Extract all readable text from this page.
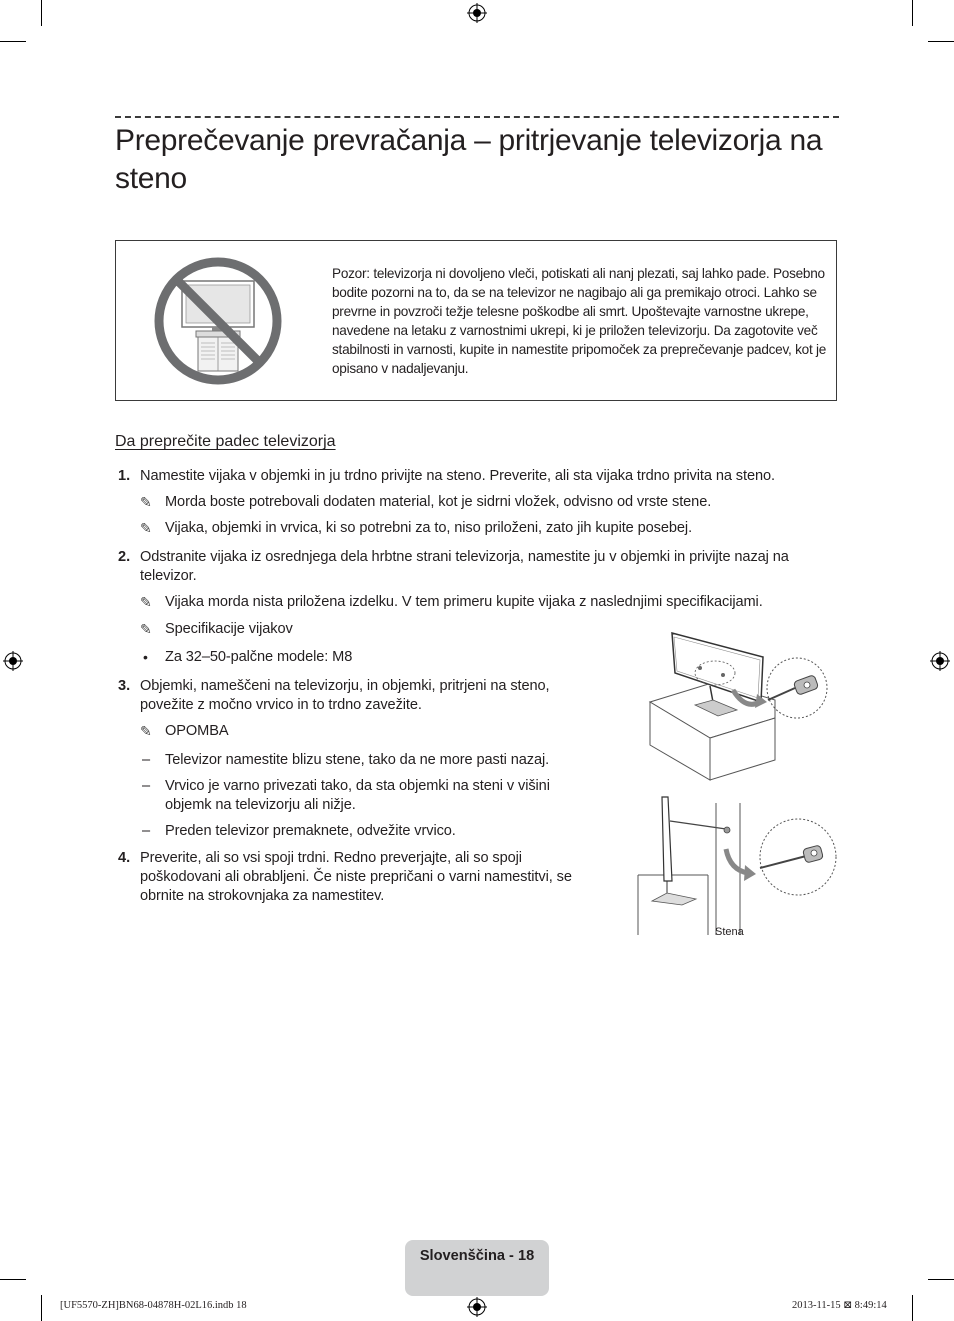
Preprečevanje prevračanja – pritrjevanje televizorja na steno
Pozor: televizorja ni dovoljeno vleči, potiskati ali nanj plezati, saj lahko pade. Posebno bodite pozorni na to, da se na televizor ne nagibajo ali ga premikajo otroci. Lahko se prevrne in povzroči težje telesne poškodbe ali smrt. Upoštevajte varnostne ukrepe, navedene na letaku z varnostnimi ukrepi, ki je priložen televizorju. Da zagotovite več stabilnosti in varnosti, kupite in namestite pripomoček za preprečevanje padcev, kot je opisano v nadaljevanju.
Da preprečite padec televizorja
1. Namestite vijaka v objemki in ju trdno privijte na steno. Preverite, ali sta vijaka trdno privita na steno.
✎ Morda boste potrebovali dodaten material, kot je sidrni vložek, odvisno od vrste stene.
✎ Vijaka, objemki in vrvica, ki so potrebni za to, niso priloženi, zato jih kupite posebej.
2. Odstranite vijaka iz osrednjega dela hrbtne strani televizorja, namestite ju v objemki in privijte nazaj na televizor.
✎ Vijaka morda nista priložena izdelku. V tem primeru kupite vijaka z naslednjimi specifikacijami.
✎ Specifikacije vijakov
• Za 32–50-palčne modele: M8
3. Objemki, nameščeni na televizorju, in objemki, pritrjeni na steno, povežite z močno vrvico in to trdno zavežite.
✎ OPOMBA
– Televizor namestite blizu stene, tako da ne more pasti nazaj.
– Vrvico je varno privezati tako, da sta objemki na steni v višini objemk na televizorju ali nižje.
– Preden televizor premaknete, odvežite vrvico.
4. Preverite, ali so vsi spoji trdni. Redno preverjajte, ali so spoji poškodovani ali obrabljeni. Če niste prepričani o varni namestitvi, se obrnite na strokovnjaka za namestitev.
Stena
Slovenščina - 18
[UF5570-ZH]BN68-04878H-02L16.indb 18	2013-11-15 ⊠ 8:49:14
